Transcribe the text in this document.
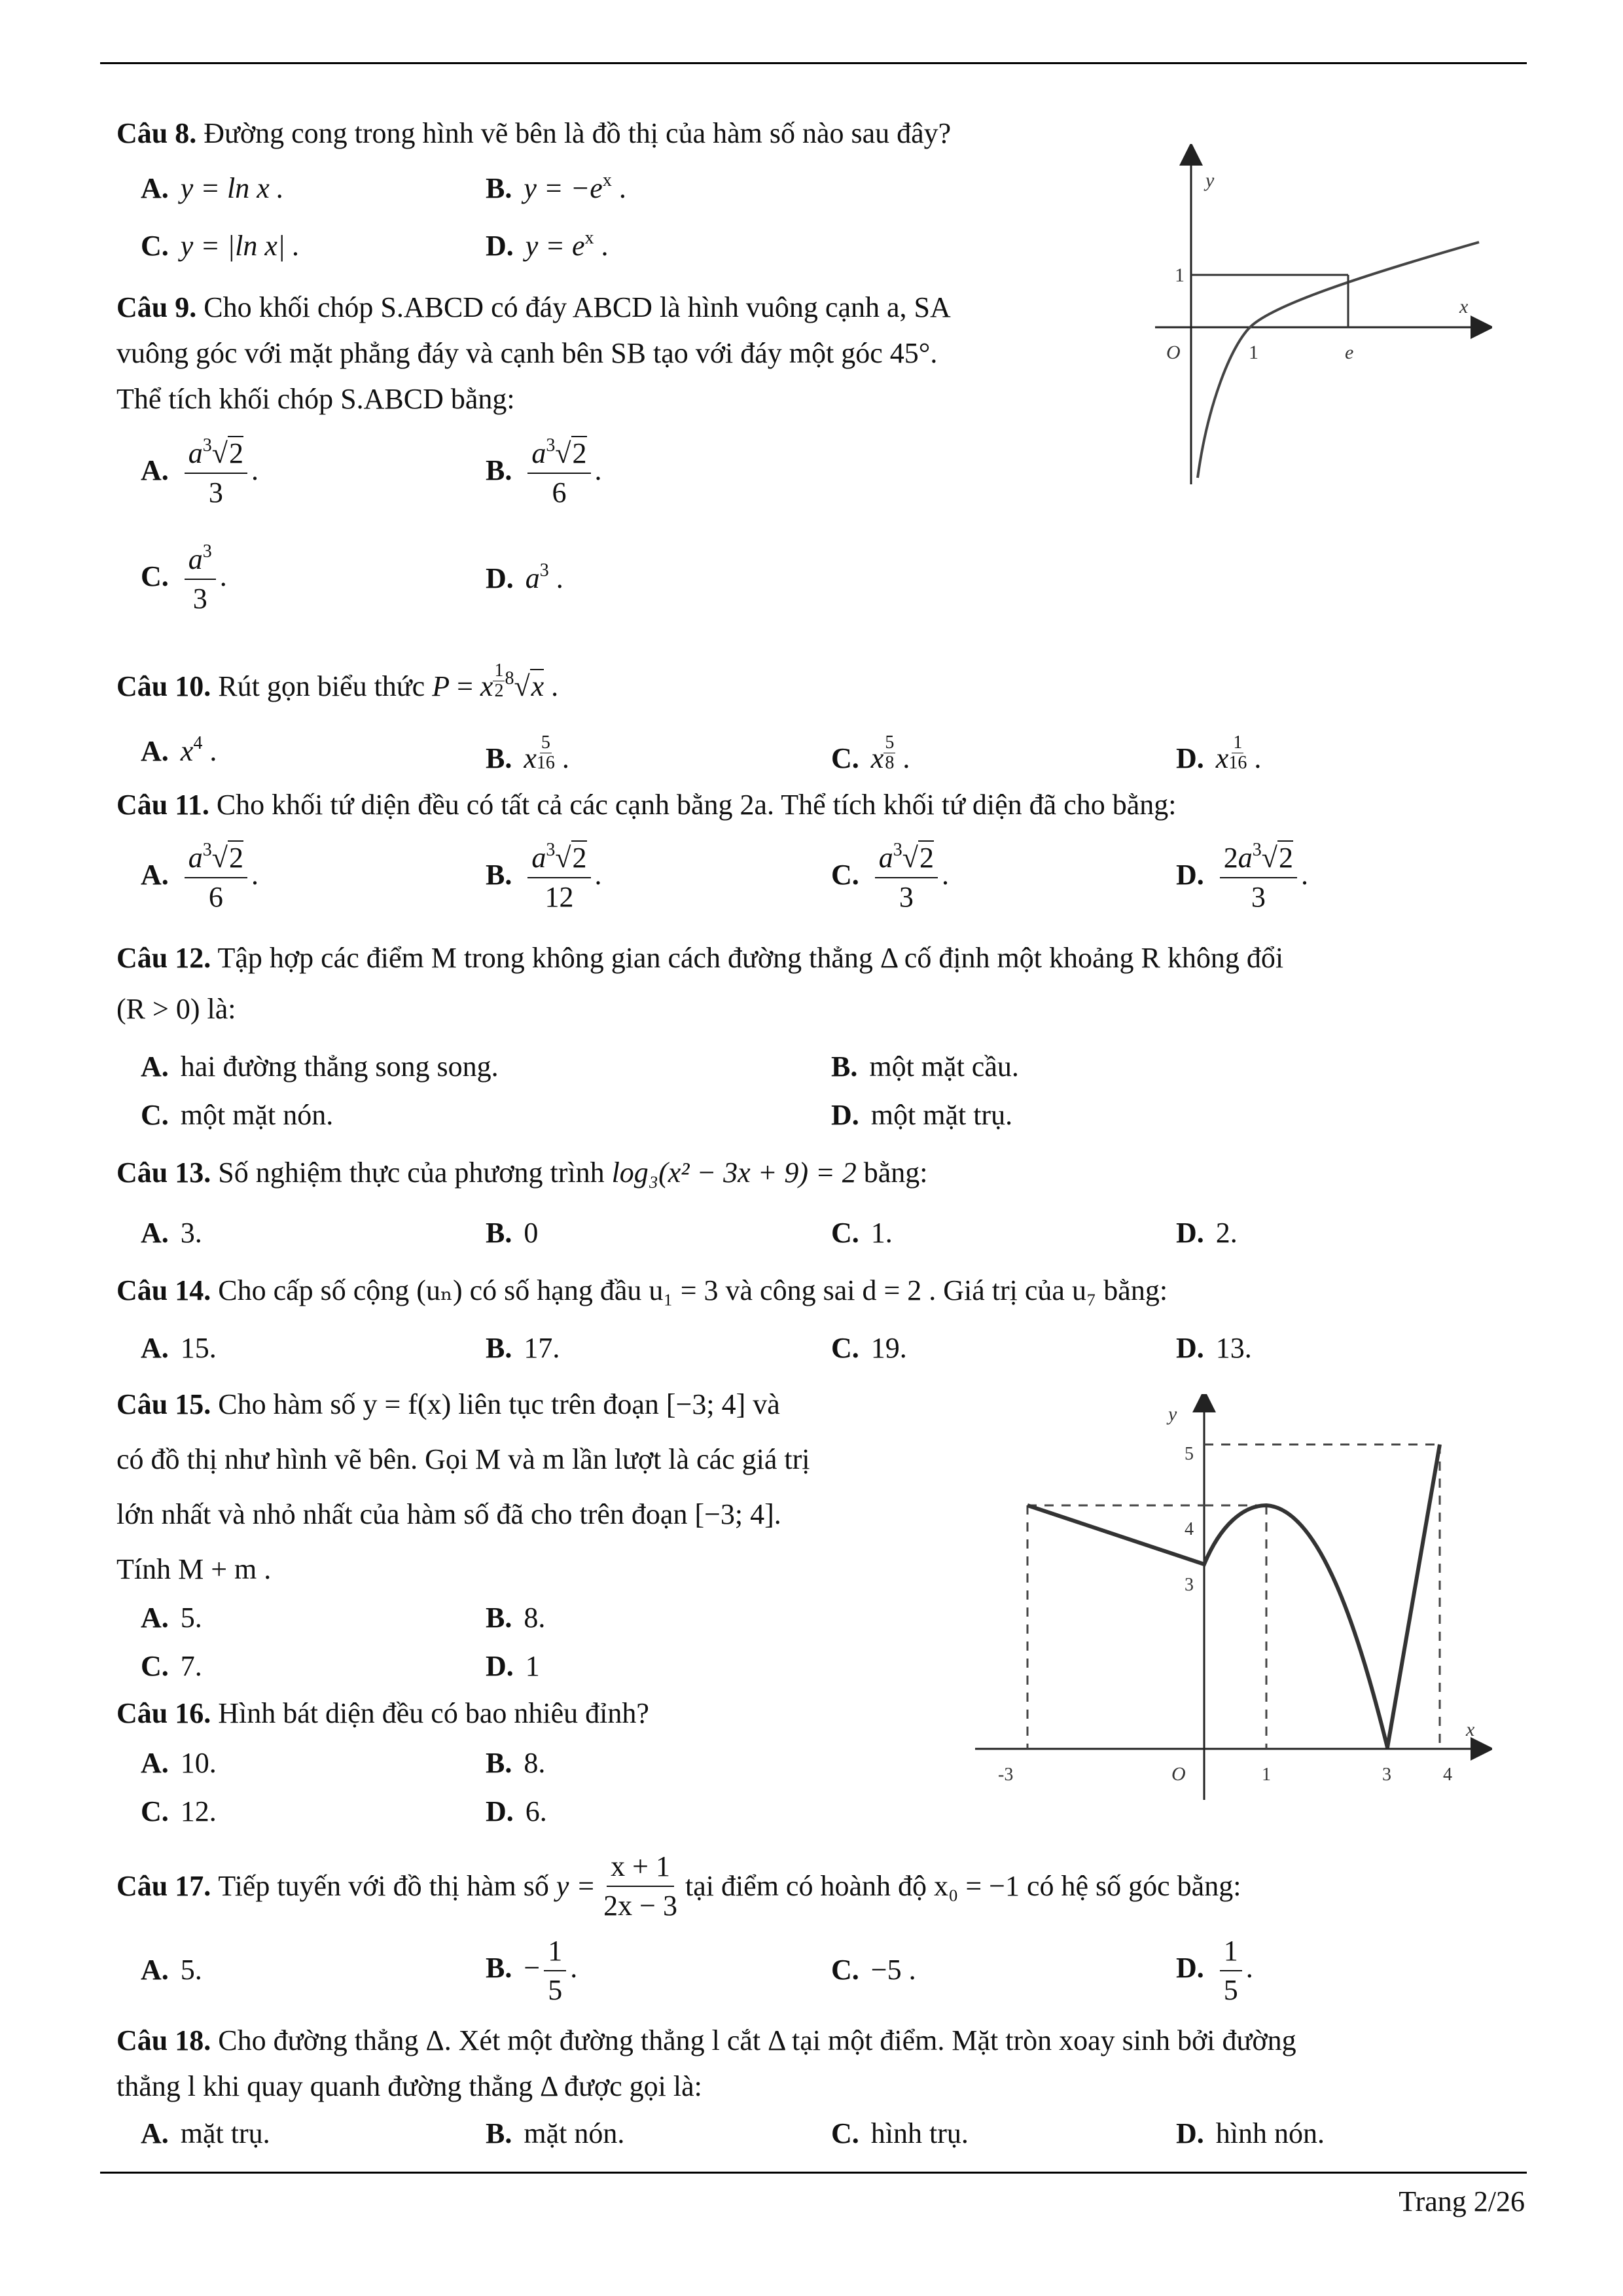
Câu 8. Đường cong trong hình vẽ bên là đồ thị của hàm số nào sau đây?
A. y = ln x .	B. $y = -e^x$ .
C. y = |ln x| .	D. $y = e^x$ .
y
x
O	1	e
1
Câu 9. Cho khối chóp S.ABCD có đáy ABCD là hình vuông cạnh a, SA
vuông góc với mặt phẳng đáy và cạnh bên SB tạo với đáy một góc 45°.
Thể tích khối chóp S.ABCD bằng:
A. $\frac{a^3√2}{3}$ .	B. $\frac{a^3√2}{6}$ .
C. $\frac{a^3}{3}$ .	D. $a^3$ .
Câu 10. Rút gọn biểu thức P = x $\frac{1}{2} ^8√x$ .
A. $x^4$ .	B. x $\frac{5}{16}$ .	C. x $\frac{5}{8}$ .	D. x $\frac{1}{16}$ .
Câu 11. Cho khối tứ diện đều có tất cả các cạnh bằng 2a. Thể tích khối tứ diện đã cho bằng:
A. $\frac{a^3√2}{6}$ .	B. $\frac{a^3√2}{12}$ .	C. $\frac{a^3√2}{3}$ .	D. $\frac{2a^3√2}{3}$ .
Câu 12. Tập hợp các điểm M trong không gian cách đường thẳng Δ cố định một khoảng R không đổi
(R > 0) là:
A. hai đường thẳng song song.	B. một mặt cầu.
C. một mặt nón.	D. một mặt trụ.
Câu 13. Số nghiệm thực của phương trình log₃(x² − 3x + 9) = 2 bằng:
A. 3.	B. 0	C. 1.	D. 2.
Câu 14. Cho cấp số cộng (uₙ) có số hạng đầu u₁ = 3 và công sai d = 2 . Giá trị của u₇ bằng:
A. 15.	B. 17.	C. 19.	D. 13.
Câu 15. Cho hàm số y = f(x) liên tục trên đoạn [−3; 4] và
có đồ thị như hình vẽ bên. Gọi M và m lần lượt là các giá trị
lớn nhất và nhỏ nhất của hàm số đã cho trên đoạn [−3; 4].
Tính M + m .
A. 5.	B. 8.
C. 7.	D. 1
y
x
O
-3	1	3	4
3
4
5
Câu 16. Hình bát diện đều có bao nhiêu đỉnh?
A. 10.	B. 8.
C. 12.	D. 6.
Câu 17.
Tiếp tuyến với đồ thị hàm số
$y = \frac{x + 1}{2x - 3}$ tại điểm có hoành độ x₀ = −1 có hệ số góc bằng:
A. 5.	B. − $\frac{1}{5}$ .	C. −5 .	D. $\frac{1}{5}$ .
Câu 18. Cho đường thẳng Δ. Xét một đường thẳng l cắt Δ tại một điểm. Mặt tròn xoay sinh bởi đường
thẳng l khi quay quanh đường thẳng Δ được gọi là:
A. mặt trụ.	B. mặt nón.	C. hình trụ.	D. hình nón.
Trang 2/26
